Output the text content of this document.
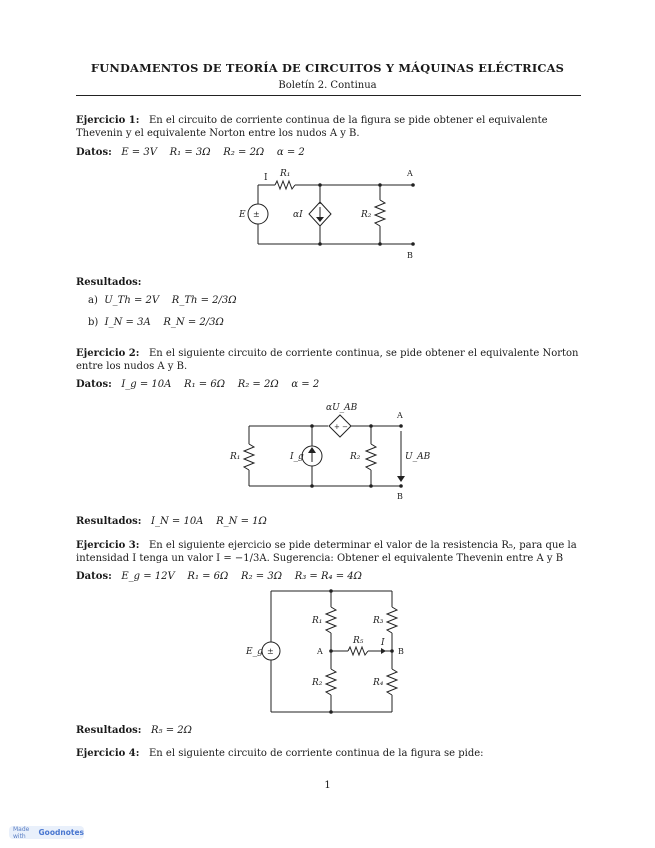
FUNDAMENTOS DE TEORÍA DE CIRCUITOS Y MÁQUINAS ELÉCTRICAS
Boletín 2. Continua
Ejercicio 1: En el circuito de corriente continua de la figura se pide obtener el equivalente Thevenin y el equivalente Norton entre los nudos A y B.
Datos: E = 3V    R₁ = 3Ω    R₂ = 2Ω    α = 2
I R₁	A
E ±	αI	R₂
B
Resultados:
a) U_Th = 2V    R_Th = 2/3Ω
b) I_N = 3A    R_N = 2/3Ω
Ejercicio 2: En el siguiente circuito de corriente continua, se pide obtener el equivalente Norton entre los nudos A y B.
Datos: I_g = 10A    R₁ = 6Ω    R₂ = 2Ω    α = 2
αU_AB
+ −
A
R₁	I_g	R₂	U_AB
B
Resultados: I_N = 10A    R_N = 1Ω
Ejercicio 3: En el siguiente ejercicio se pide determinar el valor de la resistencia R₅, para que la intensidad I tenga un valor I = −1/3A. Sugerencia: Obtener el equivalente Thevenin entre A y B
Datos: E_g = 12V    R₁ = 6Ω    R₂ = 3Ω    R₃ = R₄ = 4Ω
E_g ±
R₁
R₂
R₃
R₄
R₅ I
A	B
Resultados: R₅ = 2Ω
Ejercicio 4: En el siguiente circuito de corriente continua de la figura se pide:
1
Made with	Goodnotes
